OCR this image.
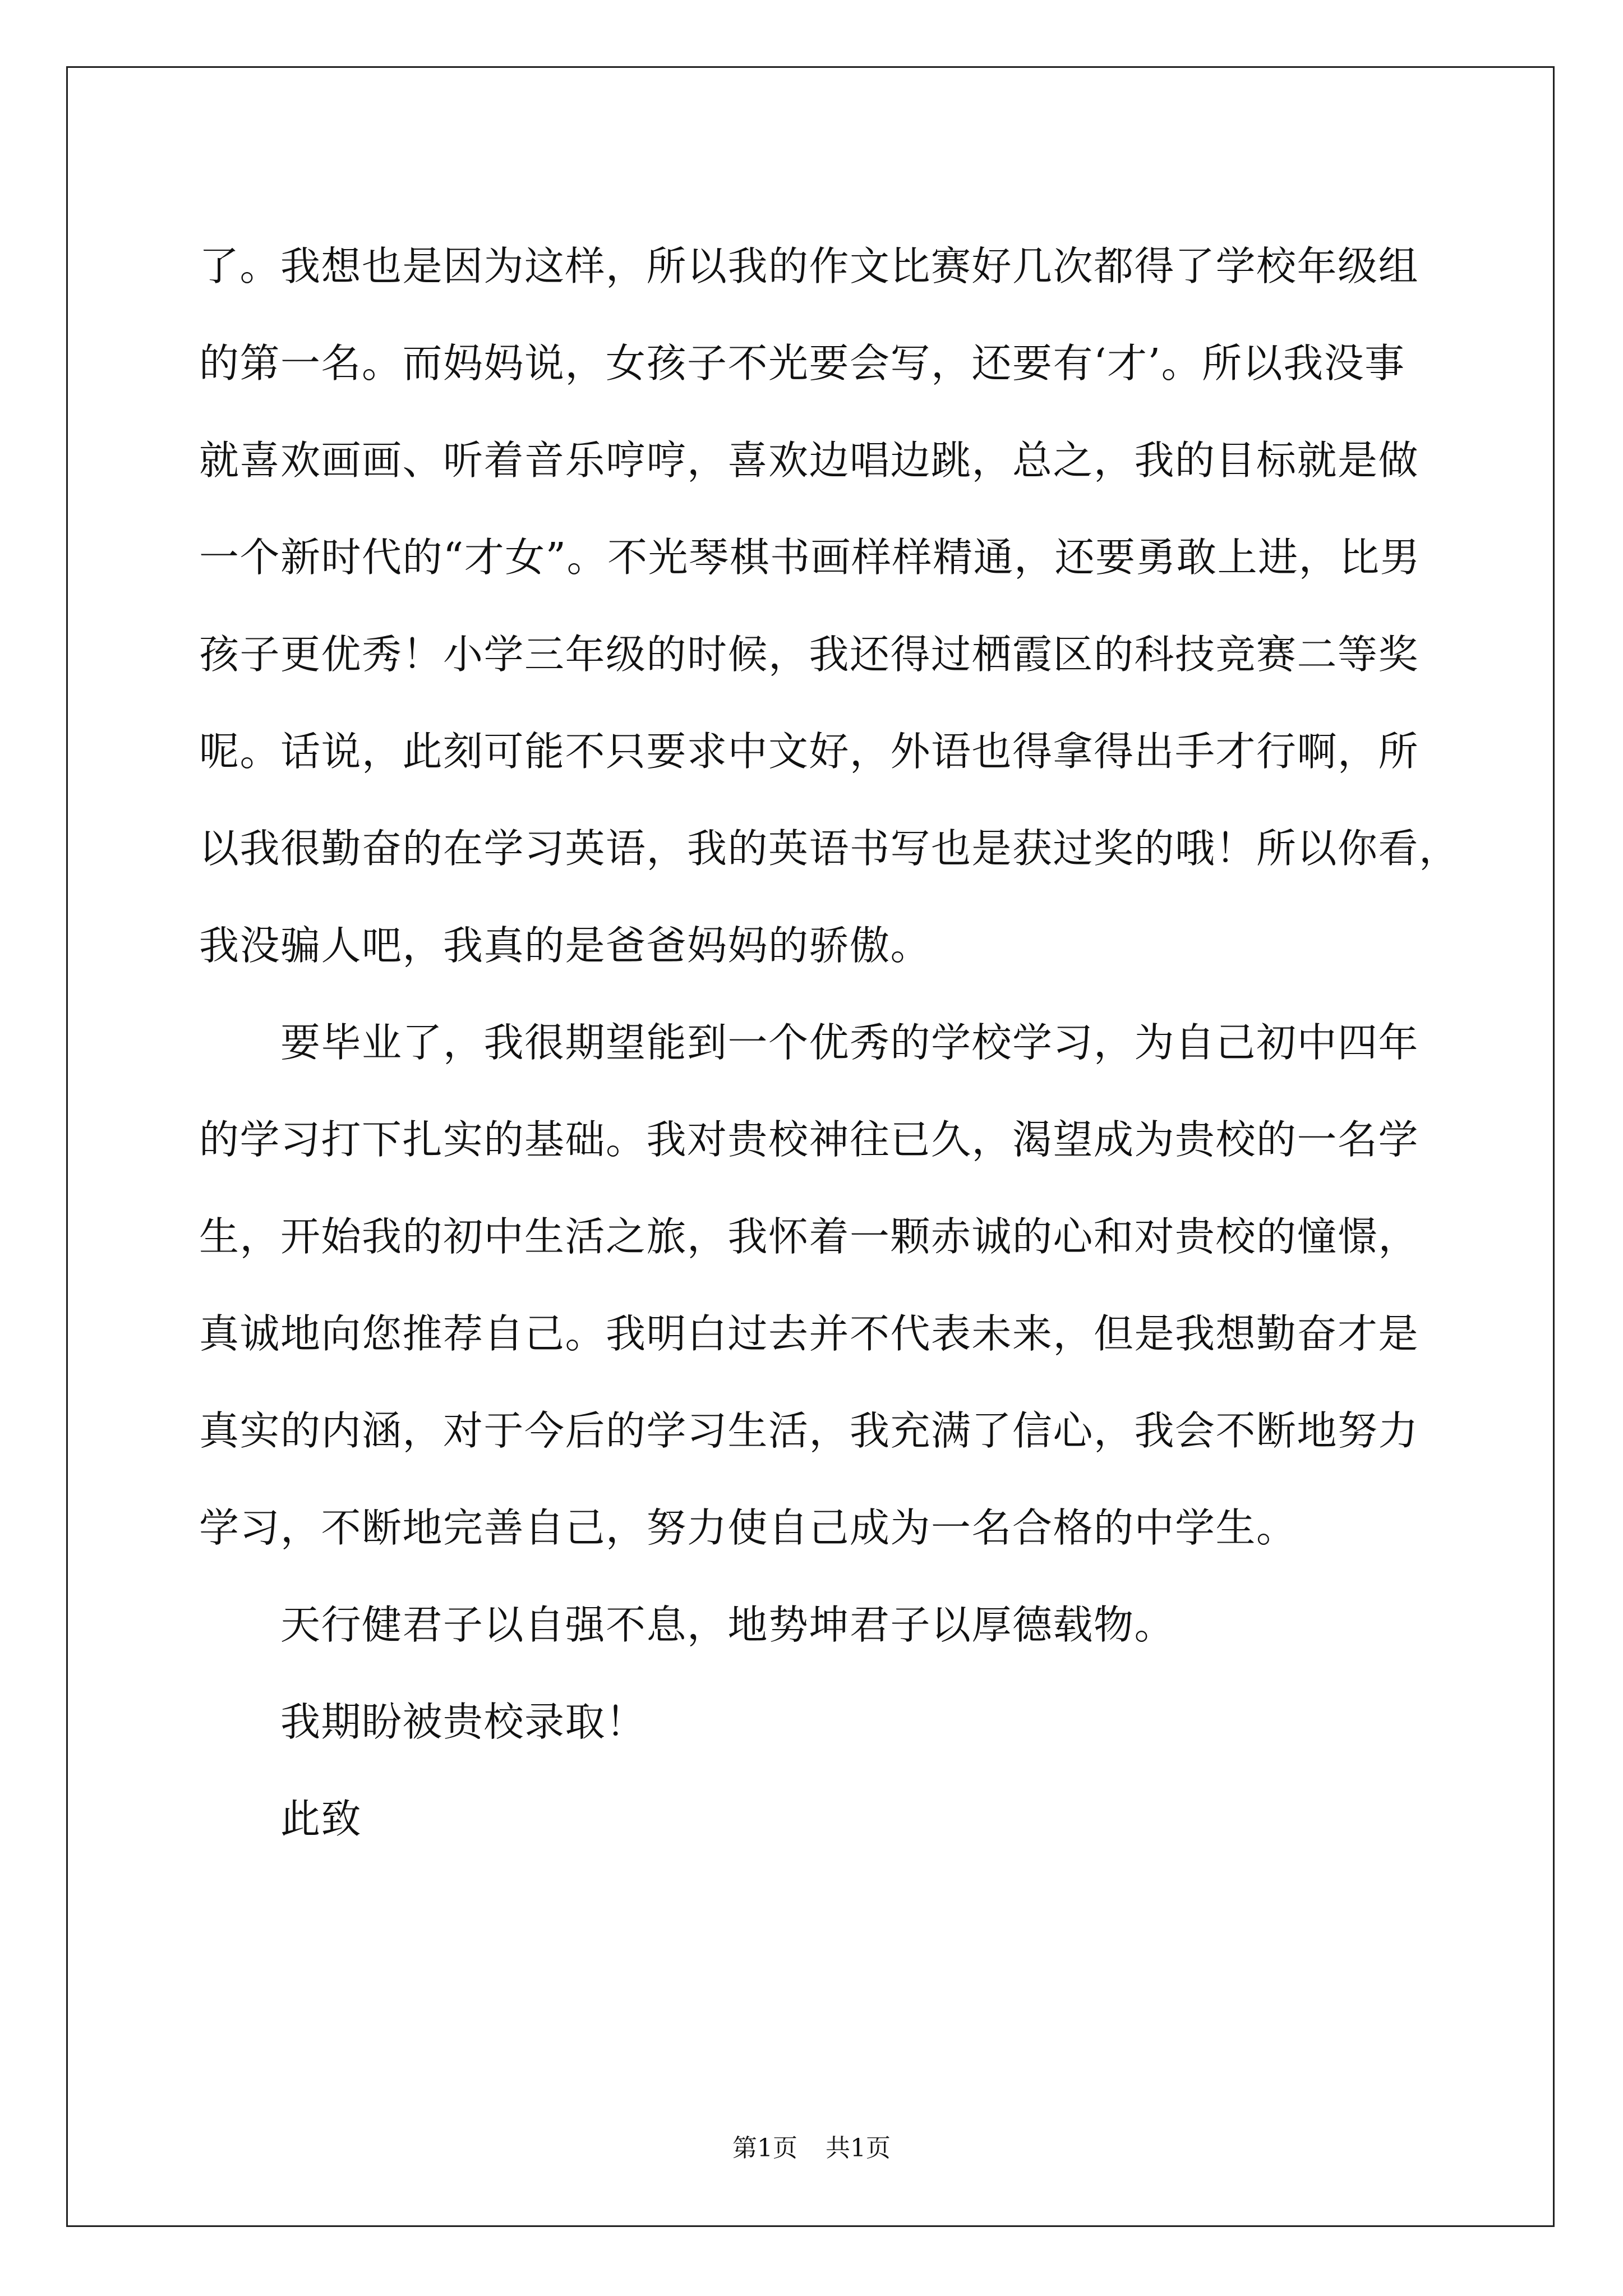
了。我想也是因为这样，所以我的作文比赛好几次都得了学校年级组
的第一名。而妈妈说，女孩子不光要会写，还要有‘才’。所以我没事
就喜欢画画、听着音乐哼哼，喜欢边唱边跳，总之，我的目标就是做
一个新时代的“才女”。不光琴棋书画样样精通，还要勇敢上进，比男
孩子更优秀！小学三年级的时候，我还得过栖霞区的科技竞赛二等奖
呢。话说，此刻可能不只要求中文好，外语也得拿得出手才行啊，所
以我很勤奋的在学习英语，我的英语书写也是获过奖的哦！所以你看，
我没骗人吧，我真的是爸爸妈妈的骄傲。
要毕业了，我很期望能到一个优秀的学校学习，为自己初中四年
的学习打下扎实的基础。我对贵校神往已久，渴望成为贵校的一名学
生，开始我的初中生活之旅，我怀着一颗赤诚的心和对贵校的憧憬，
真诚地向您推荐自己。我明白过去并不代表未来，但是我想勤奋才是
真实的内涵，对于今后的学习生活，我充满了信心，我会不断地努力
学习，不断地完善自己，努力使自己成为一名合格的中学生。
天行健君子以自强不息，地势坤君子以厚德载物。
我期盼被贵校录取！
此致
第1页 共1页
